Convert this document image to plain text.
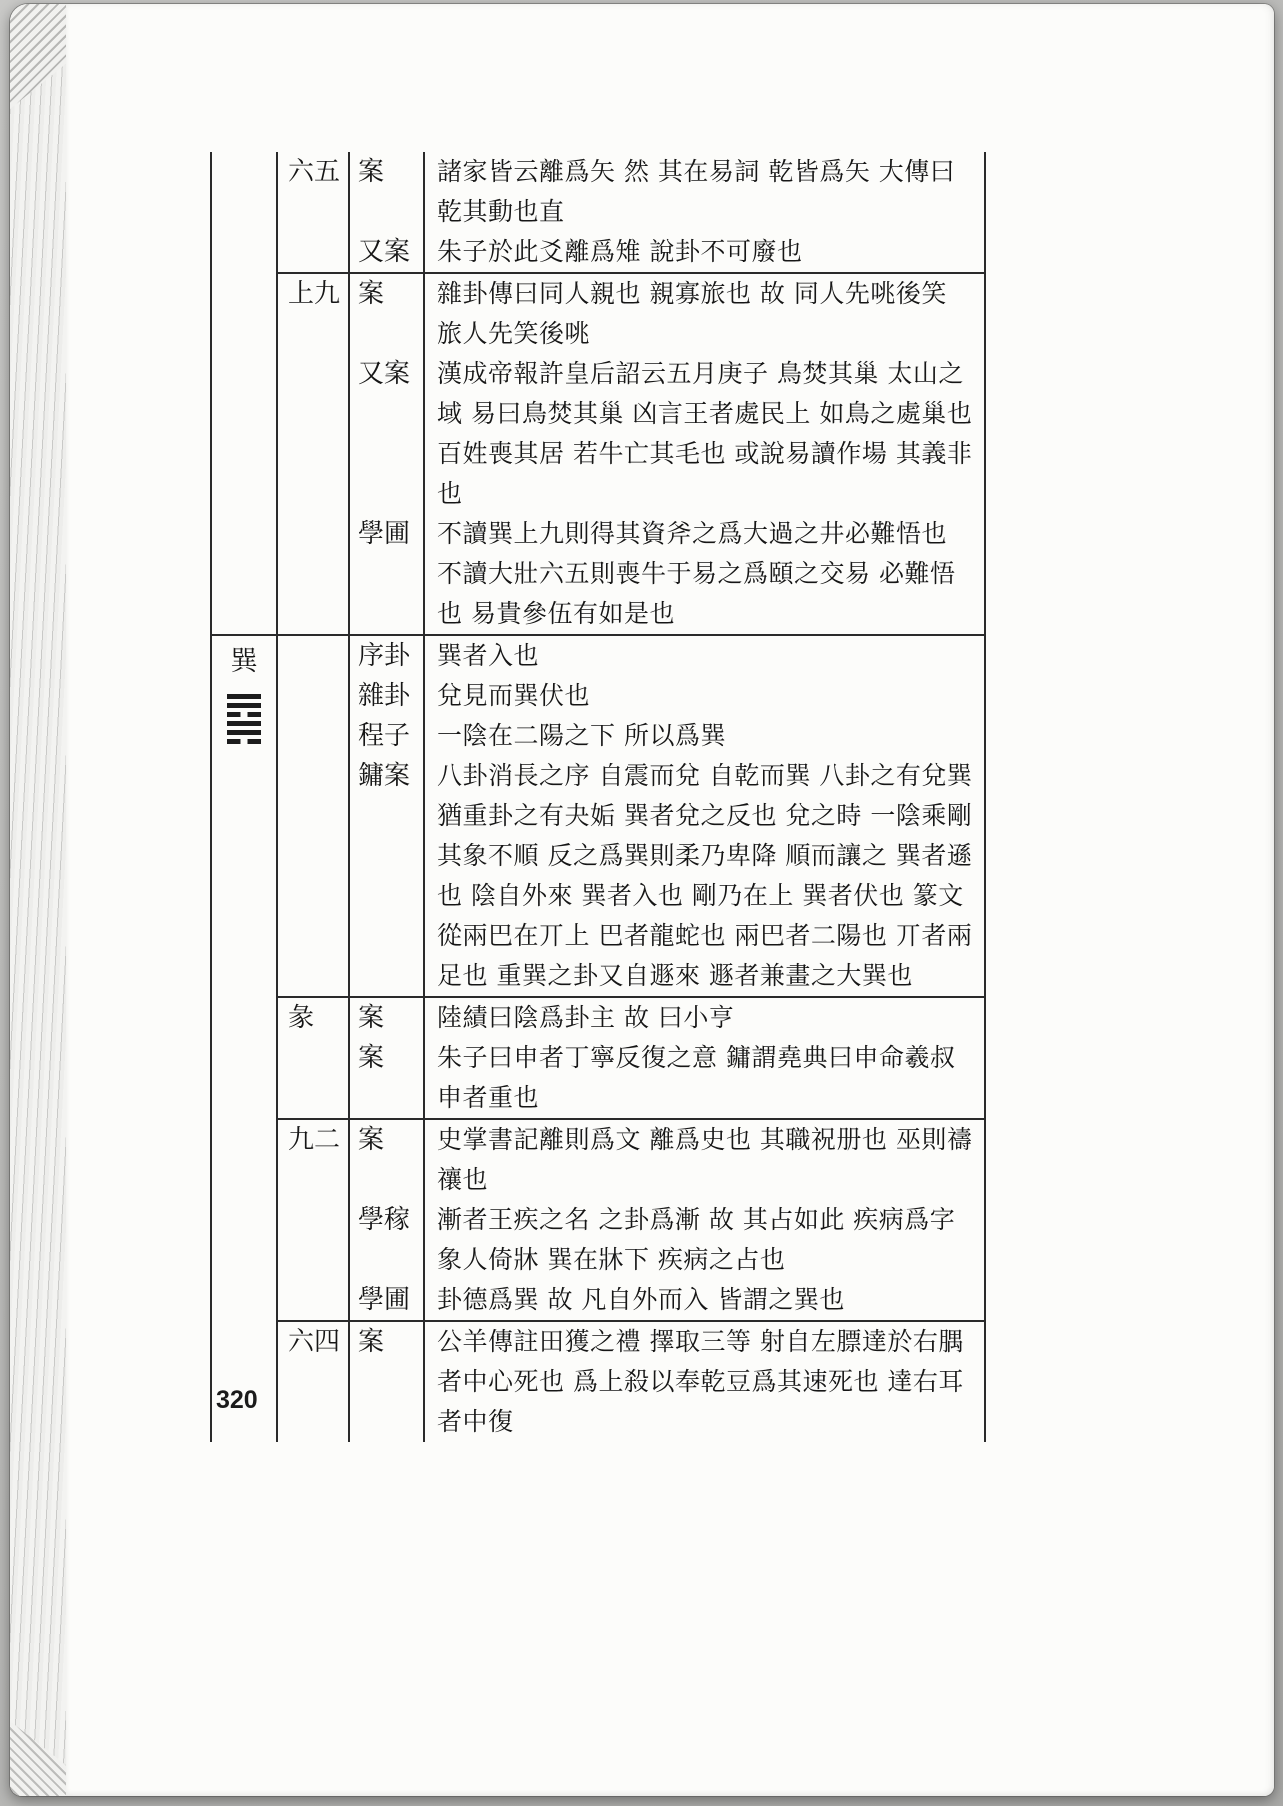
六五 案	諸家皆云離爲矢 然 其在易詞 乾皆爲矢 大傳曰乾其動也直
又案	朱子於此爻離爲雉 說卦不可廢也
上九 案	雜卦傳曰同人親也 親寡旅也 故 同人先咷後笑 旅人先笑後咷
又案	漢成帝報許皇后詔云五月庚子 鳥焚其巢 太山之域 易曰鳥焚其巢 凶言王者處民上 如鳥之處巢也 百姓喪其居 若牛亡其毛也 或說易讀作場 其義非也
學圃	不讀巽上九則得其資斧之爲大過之井必難悟也 不讀大壯六五則喪牛于易之爲頤之交易 必難悟也 易貴參伍有如是也
巽	序卦	巽者入也
雜卦	兌見而巽伏也
程子	一陰在二陽之下 所以爲巽
鏞案	八卦消長之序 自震而兌 自乾而巽 八卦之有兌巽 猶重卦之有夬姤 巽者兌之反也 兌之時 一陰乘剛 其象不順 反之爲巽則柔乃卑降 順而讓之 巽者遜也 陰自外來 巽者入也 剛乃在上 巽者伏也 篆文從兩巴在丌上 巴者龍蛇也 兩巴者二陽也 丌者兩足也 重巽之卦又自遯來 遯者兼畫之大巽也
彖	案	陸績曰陰爲卦主 故 曰小亨
案	朱子曰申者丁寧反復之意 鏞謂堯典曰申命羲叔 申者重也
九二 案	史掌書記離則爲文 離爲史也 其職祝册也 巫則禱禳也
學稼	漸者王疾之名 之卦爲漸 故 其占如此 疾病爲字 象人倚牀 巽在牀下 疾病之占也
學圃	卦德爲巽 故 凡自外而入 皆謂之巽也
六四 案	公羊傳註田獲之禮 擇取三等 射自左膘達於右腢者中心死也 爲上殺以奉乾豆爲其速死也 達右耳者中復
320
